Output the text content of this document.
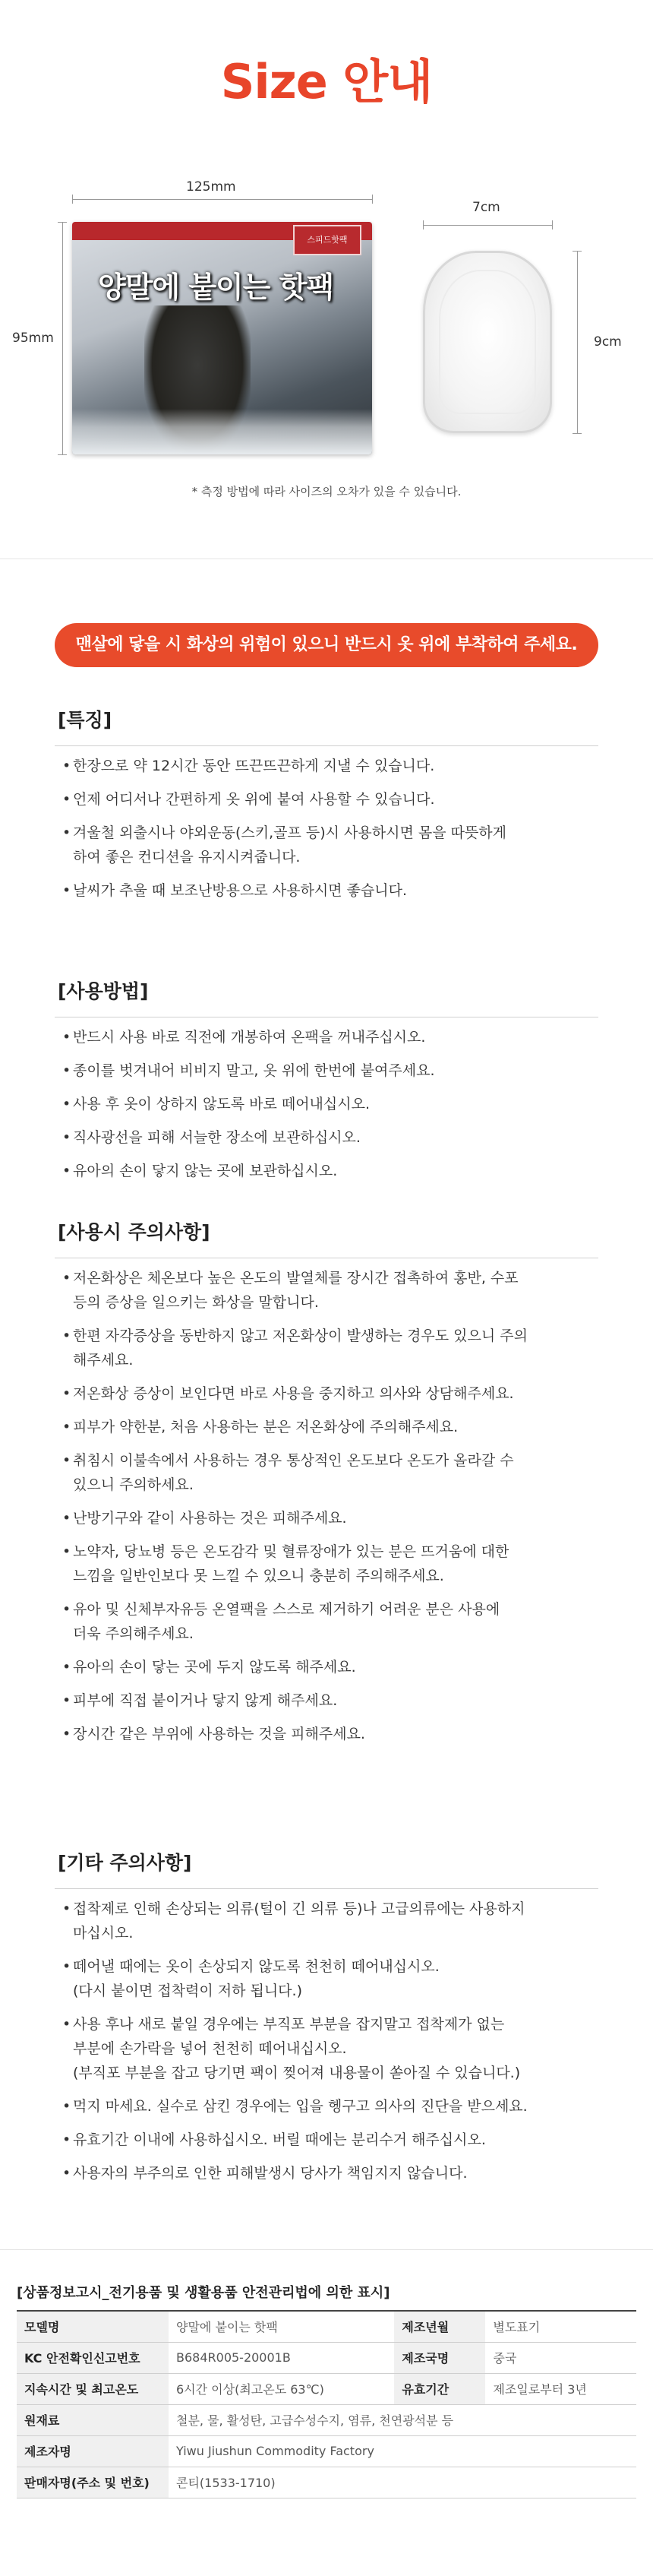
Size 안내
125mm
95mm
스피드핫팩
양말에 붙이는 핫팩
7cm
9cm
* 측정 방법에 따라 사이즈의 오차가 있을 수 있습니다.
맨살에 닿을 시 화상의 위험이 있으니 반드시 옷 위에 부착하여 주세요.
[특징]
• 한장으로 약 12시간 동안 뜨끈뜨끈하게 지낼 수 있습니다.
• 언제 어디서나 간편하게 옷 위에 붙여 사용할 수 있습니다.
• 겨울철 외출시나 야외운동(스키,골프 등)시 사용하시면 몸을 따뜻하게
하여 좋은 컨디션을 유지시켜줍니다.
• 날씨가 추울 때 보조난방용으로 사용하시면 좋습니다.
[사용방법]
• 반드시 사용 바로 직전에 개봉하여 온팩을 꺼내주십시오.
• 종이를 벗겨내어 비비지 말고, 옷 위에 한번에 붙여주세요.
• 사용 후 옷이 상하지 않도록 바로 떼어내십시오.
• 직사광선을 피해 서늘한 장소에 보관하십시오.
• 유아의 손이 닿지 않는 곳에 보관하십시오.
[사용시 주의사항]
• 저온화상은 체온보다 높은 온도의 발열체를 장시간 접촉하여 홍반, 수포
등의 증상을 일으키는 화상을 말합니다.
• 한편 자각증상을 동반하지 않고 저온화상이 발생하는 경우도 있으니 주의
해주세요.
• 저온화상 증상이 보인다면 바로 사용을 중지하고 의사와 상담해주세요.
• 피부가 약한분, 처음 사용하는 분은 저온화상에 주의해주세요.
• 취침시 이불속에서 사용하는 경우 통상적인 온도보다 온도가 올라갈 수
있으니 주의하세요.
• 난방기구와 같이 사용하는 것은 피해주세요.
• 노약자, 당뇨병 등은 온도감각 및 혈류장애가 있는 분은 뜨거움에 대한
느낌을 일반인보다 못 느낄 수 있으니 충분히 주의해주세요.
• 유아 및 신체부자유등 온열팩을 스스로 제거하기 어려운 분은 사용에
더욱 주의해주세요.
• 유아의 손이 닿는 곳에 두지 않도록 해주세요.
• 피부에 직접 붙이거나 닿지 않게 해주세요.
• 장시간 같은 부위에 사용하는 것을 피해주세요.
[기타 주의사항]
• 접착제로 인해 손상되는 의류(털이 긴 의류 등)나 고급의류에는 사용하지
마십시오.
• 떼어낼 때에는 옷이 손상되지 않도록 천천히 떼어내십시오.
(다시 붙이면 접착력이 저하 됩니다.)
• 사용 후나 새로 붙일 경우에는 부직포 부분을 잡지말고 접착제가 없는
부분에 손가락을 넣어 천천히 떼어내십시오.
(부직포 부분을 잡고 당기면 팩이 찢어져 내용물이 쏟아질 수 있습니다.)
• 먹지 마세요. 실수로 삼킨 경우에는 입을 헹구고 의사의 진단을 받으세요.
• 유효기간 이내에 사용하십시오. 버릴 때에는 분리수거 해주십시오.
• 사용자의 부주의로 인한 피해발생시 당사가 책임지지 않습니다.
[상품정보고시_전기용품 및 생활용품 안전관리법에 의한 표시]
모델명	양말에 붙이는 핫팩	제조년월	별도표기
KC 안전확인신고번호	B684R005-20001B	제조국명	중국
지속시간 및 최고온도	6시간 이상(최고온도 63℃)	유효기간	제조일로부터 3년
원재료	철분, 물, 활성탄, 고급수성수지, 염류, 천연광석분 등		
제조자명	Yiwu Jiushun Commodity Factory		
판매자명(주소 및 번호)	콘티(1533-1710)		
